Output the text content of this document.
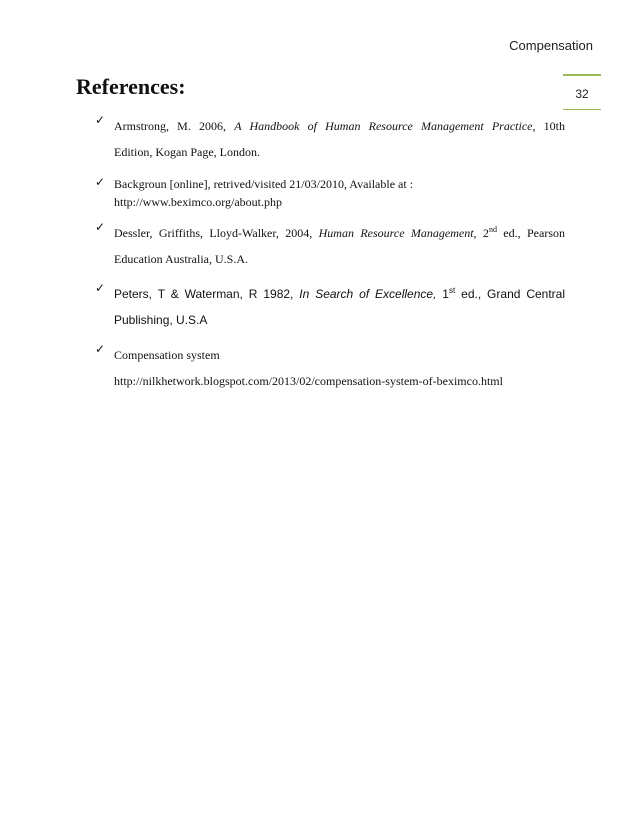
Compensation
32
References:
✓ Armstrong, M. 2006, A Handbook of Human Resource Management Practice, 10th
Edition, Kogan Page, London.
✓ Backgroun [online], retrived/visited 21/03/2010, Available at :
http://www.beximco.org/about.php
✓ Dessler, Griffiths, Lloyd-Walker, 2004, Human Resource Management, 2nd ed., Pearson
Education Australia, U.S.A.
✓ Peters, T & Waterman, R 1982, In Search of Excellence, 1st ed., Grand Central
Publishing, U.S.A
✓ Compensation system
http://nilkhetwork.blogspot.com/2013/02/compensation-system-of-beximco.html
